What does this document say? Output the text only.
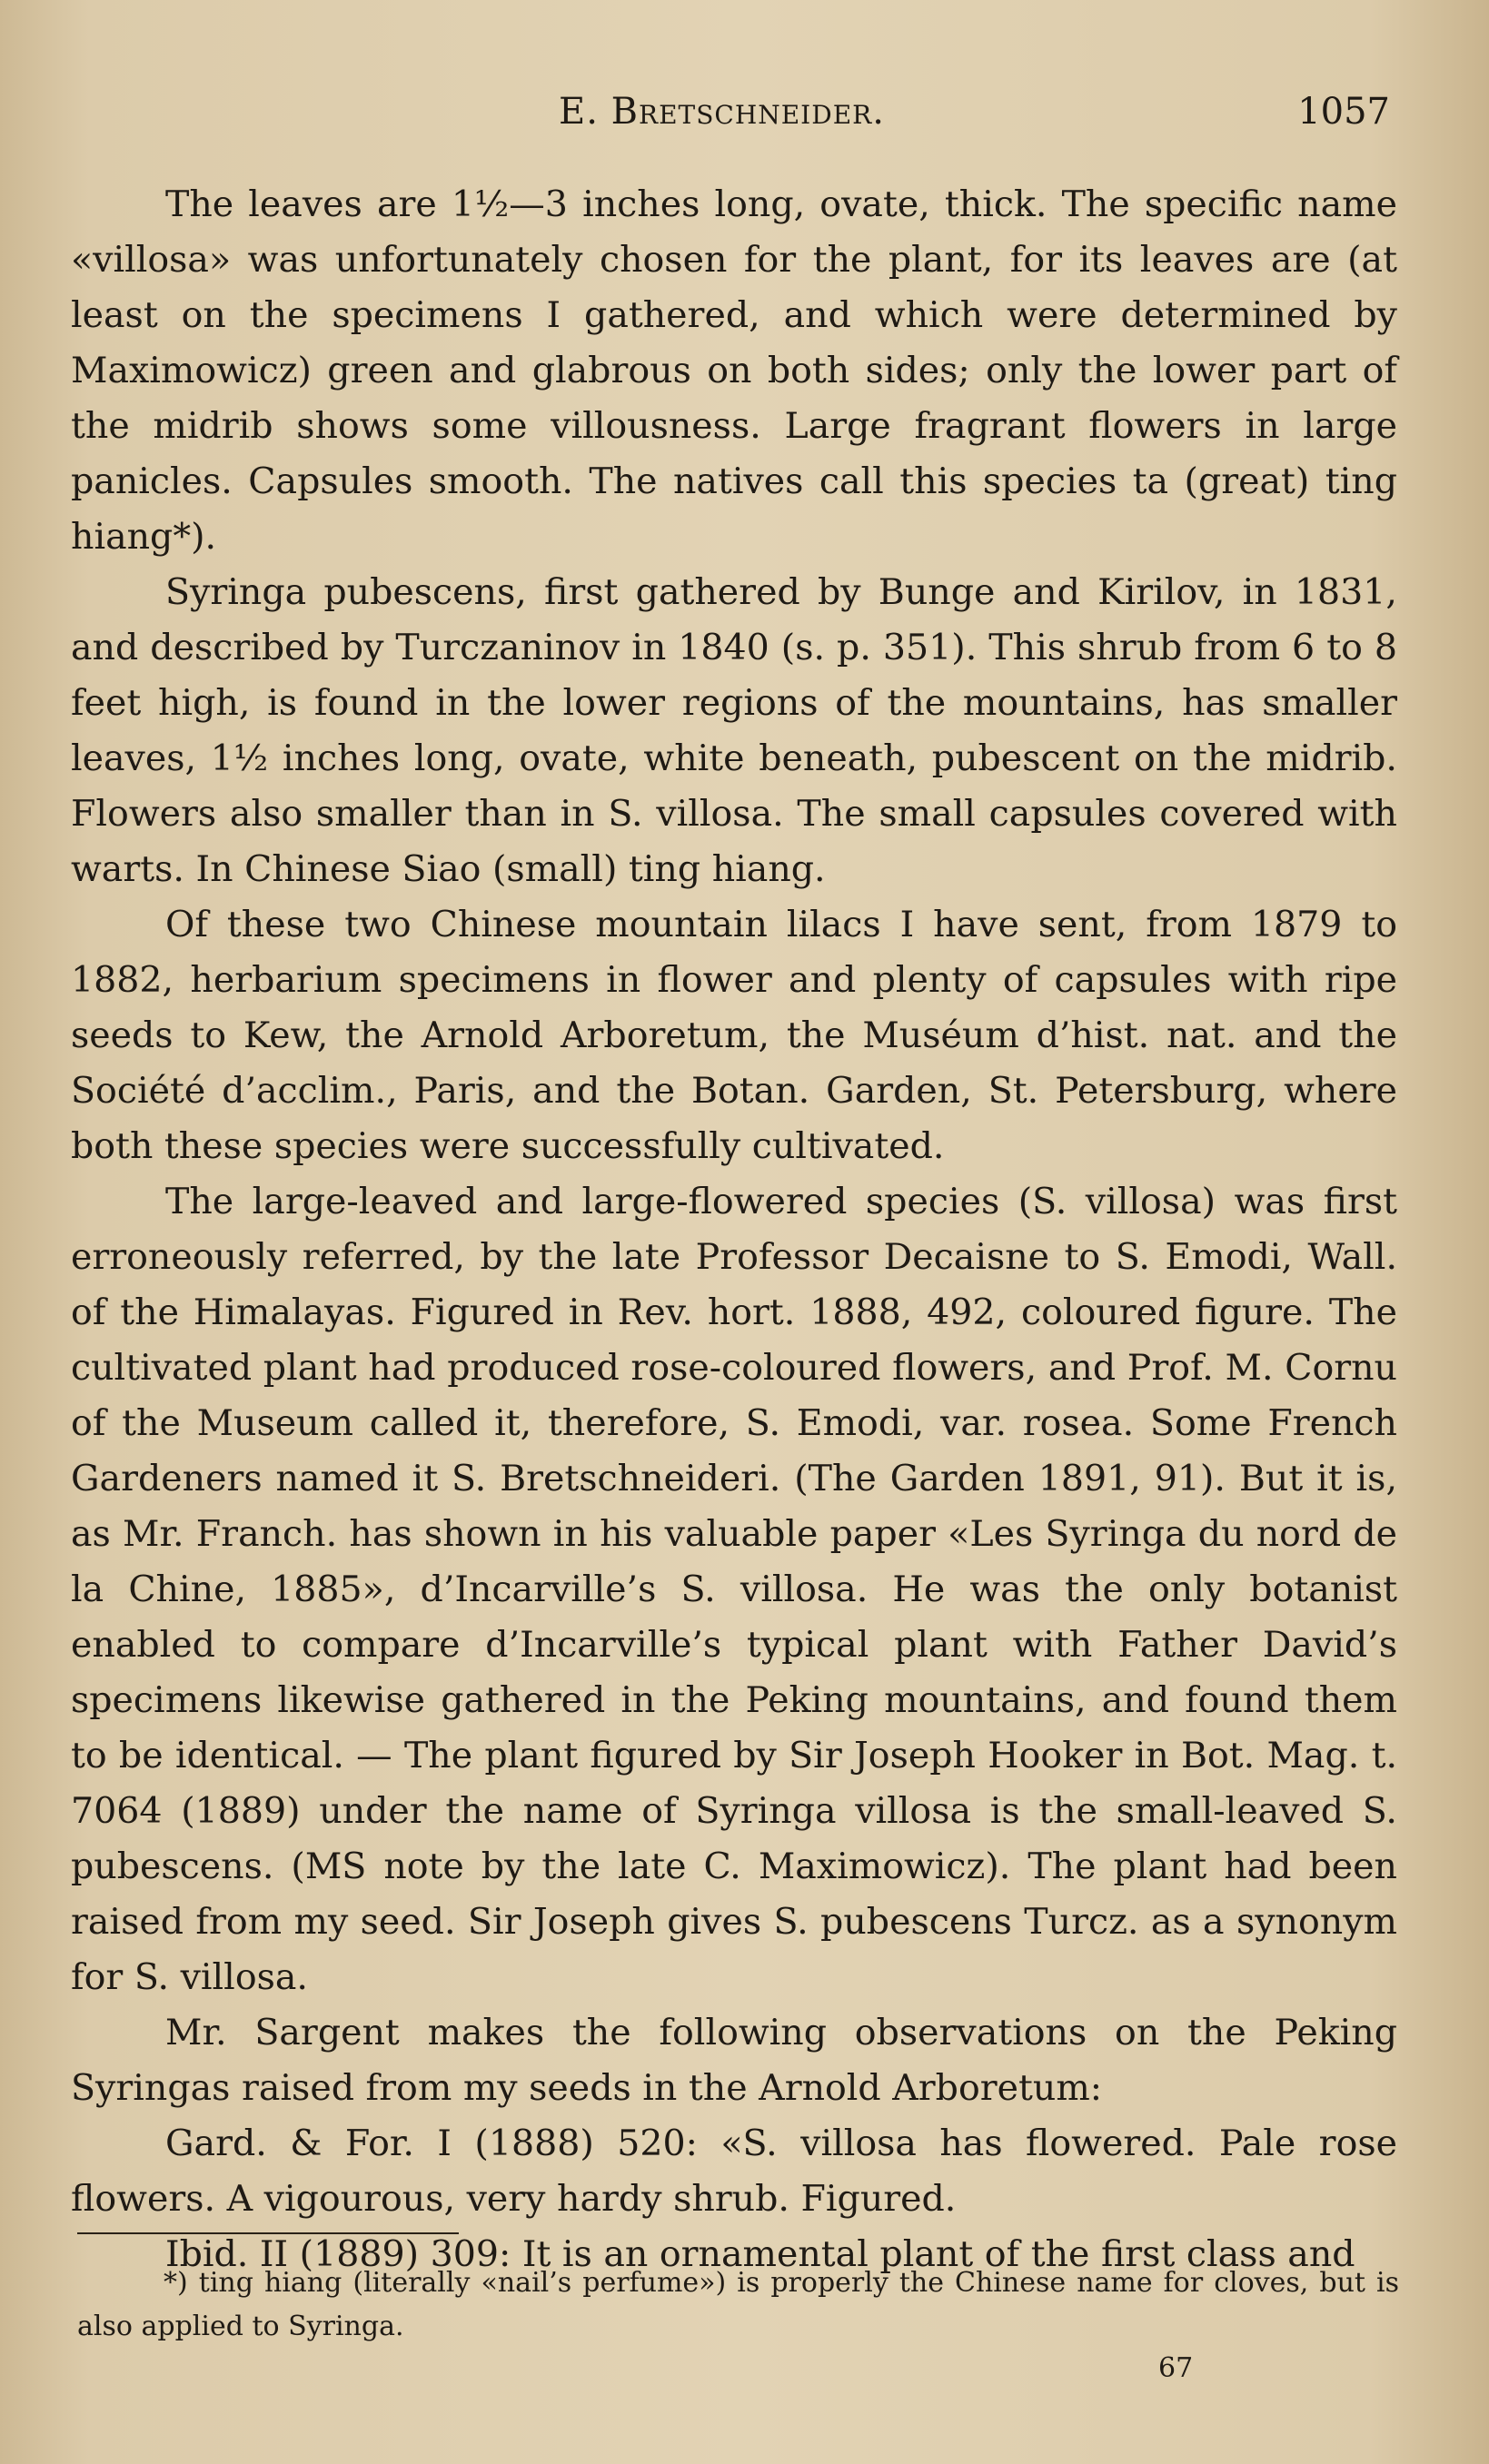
E. Bretschneider.	1057

The leaves are 1½—3 inches long, ovate, thick. The specific name «villosa» was unfortunately chosen for the plant, for its leaves are (at least on the specimens I gathered, and which were determined by Maximowicz) green and glabrous on both sides; only the lower part of the midrib shows some villousness. Large fragrant flowers in large panicles. Capsules smooth. The natives call this species ta (great) ting hiang*).

Syringa pubescens, first gathered by Bunge and Kirilov, in 1831, and described by Turczaninov in 1840 (s. p. 351). This shrub from 6 to 8 feet high, is found in the lower regions of the mountains, has smaller leaves, 1½ inches long, ovate, white beneath, pubescent on the midrib. Flowers also smaller than in S. villosa. The small capsules covered with warts. In Chinese Siao (small) ting hiang.

Of these two Chinese mountain lilacs I have sent, from 1879 to 1882, herbarium specimens in flower and plenty of capsules with ripe seeds to Kew, the Arnold Arboretum, the Muséum d’hist. nat. and the Société d’acclim., Paris, and the Botan. Garden, St. Petersburg, where both these species were successfully cultivated.

The large-leaved and large-flowered species (S. villosa) was first erroneously referred, by the late Professor Decaisne to S. Emodi, Wall. of the Himalayas. Figured in Rev. hort. 1888, 492, coloured figure. The cultivated plant had produced rose-coloured flowers, and Prof. M. Cornu of the Museum called it, therefore, S. Emodi, var. rosea. Some French Gardeners named it S. Bretschneideri. (The Garden 1891, 91). But it is, as Mr. Franch. has shown in his valuable paper «Les Syringa du nord de la Chine, 1885», d’Incarville’s S. villosa. He was the only botanist enabled to compare d’Incarville’s typical plant with Father David’s specimens likewise gathered in the Peking mountains, and found them to be identical. — The plant figured by Sir Joseph Hooker in Bot. Mag. t. 7064 (1889) under the name of Syringa villosa is the small-leaved S. pubescens. (MS note by the late C. Maximowicz). The plant had been raised from my seed. Sir Joseph gives S. pubescens Turcz. as a synonym for S. villosa.

Mr. Sargent makes the following observations on the Peking Syringas raised from my seeds in the Arnold Arboretum:

Gard. & For. I (1888) 520: «S. villosa has flowered. Pale rose flowers. A vigourous, very hardy shrub. Figured.

Ibid. II (1889) 309: It is an ornamental plant of the first class and

*) ting hiang (literally «nail’s perfume») is properly the Chinese name for cloves, but is also applied to Syringa.
67
